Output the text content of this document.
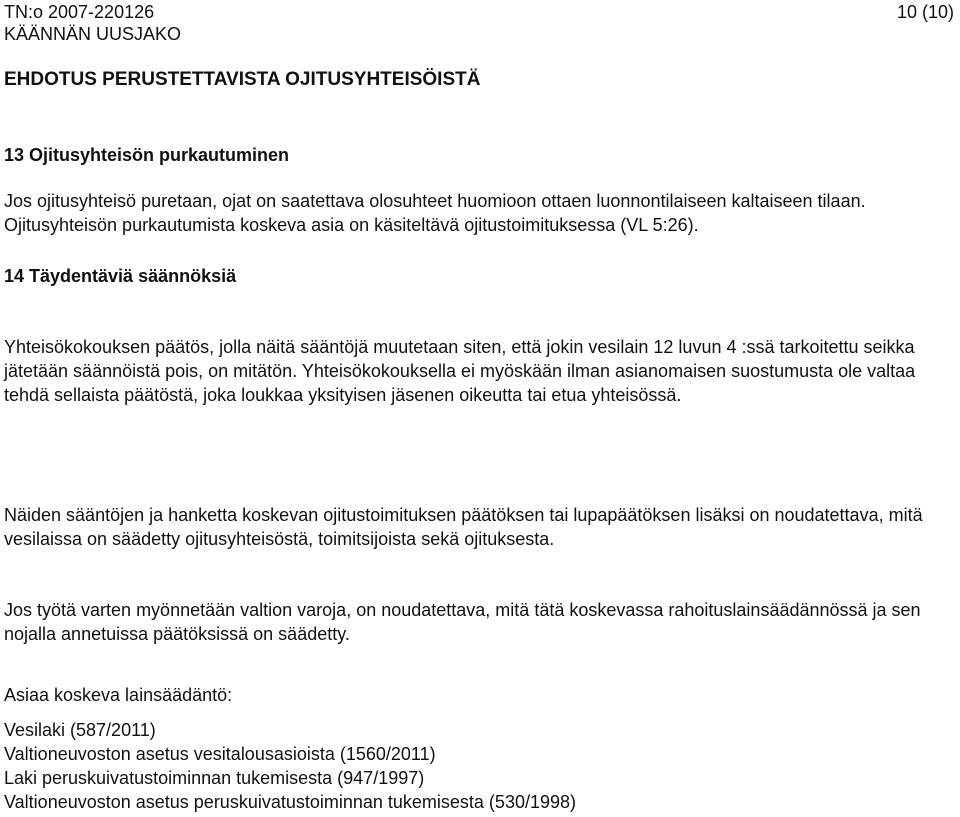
TN:o 2007-220126	10 (10)
KÄÄNNÄN UUSJAKO
EHDOTUS PERUSTETTAVISTA OJITUSYHTEISÖISTÄ
13 Ojitusyhteisön purkautuminen
Jos ojitusyhteisö puretaan, ojat on saatettava olosuhteet huomioon ottaen luonnontilaiseen kaltaiseen tilaan. Ojitusyhteisön purkautumista koskeva asia on käsiteltävä ojitustoimituksessa (VL 5:26).
14 Täydentäviä säännöksiä
Yhteisökokouksen päätös, jolla näitä sääntöjä muutetaan siten, että jokin vesilain 12 luvun 4 :ssä tarkoitettu seikka jätetään säännöistä pois, on mitätön. Yhteisökokouksella ei myöskään ilman asianomaisen suostumusta ole valtaa tehdä sellaista päätöstä, joka loukkaa yksityisen jäsenen oikeutta tai etua yhteisössä.
Näiden sääntöjen ja hanketta koskevan ojitustoimituksen päätöksen tai lupapäätöksen lisäksi on noudatettava, mitä vesilaissa on säädetty ojitusyhteisöstä, toimitsijoista sekä ojituksesta.
Jos työtä varten myönnetään valtion varoja, on noudatettava, mitä tätä koskevassa rahoituslainsäädännössä ja sen nojalla annetuissa päätöksissä on säädetty.
Asiaa koskeva lainsäädäntö:
Vesilaki (587/2011)
Valtioneuvoston asetus vesitalousasioista (1560/2011)
Laki peruskuivatustoiminnan tukemisesta (947/1997)
Valtioneuvoston asetus peruskuivatustoiminnan tukemisesta (530/1998)
